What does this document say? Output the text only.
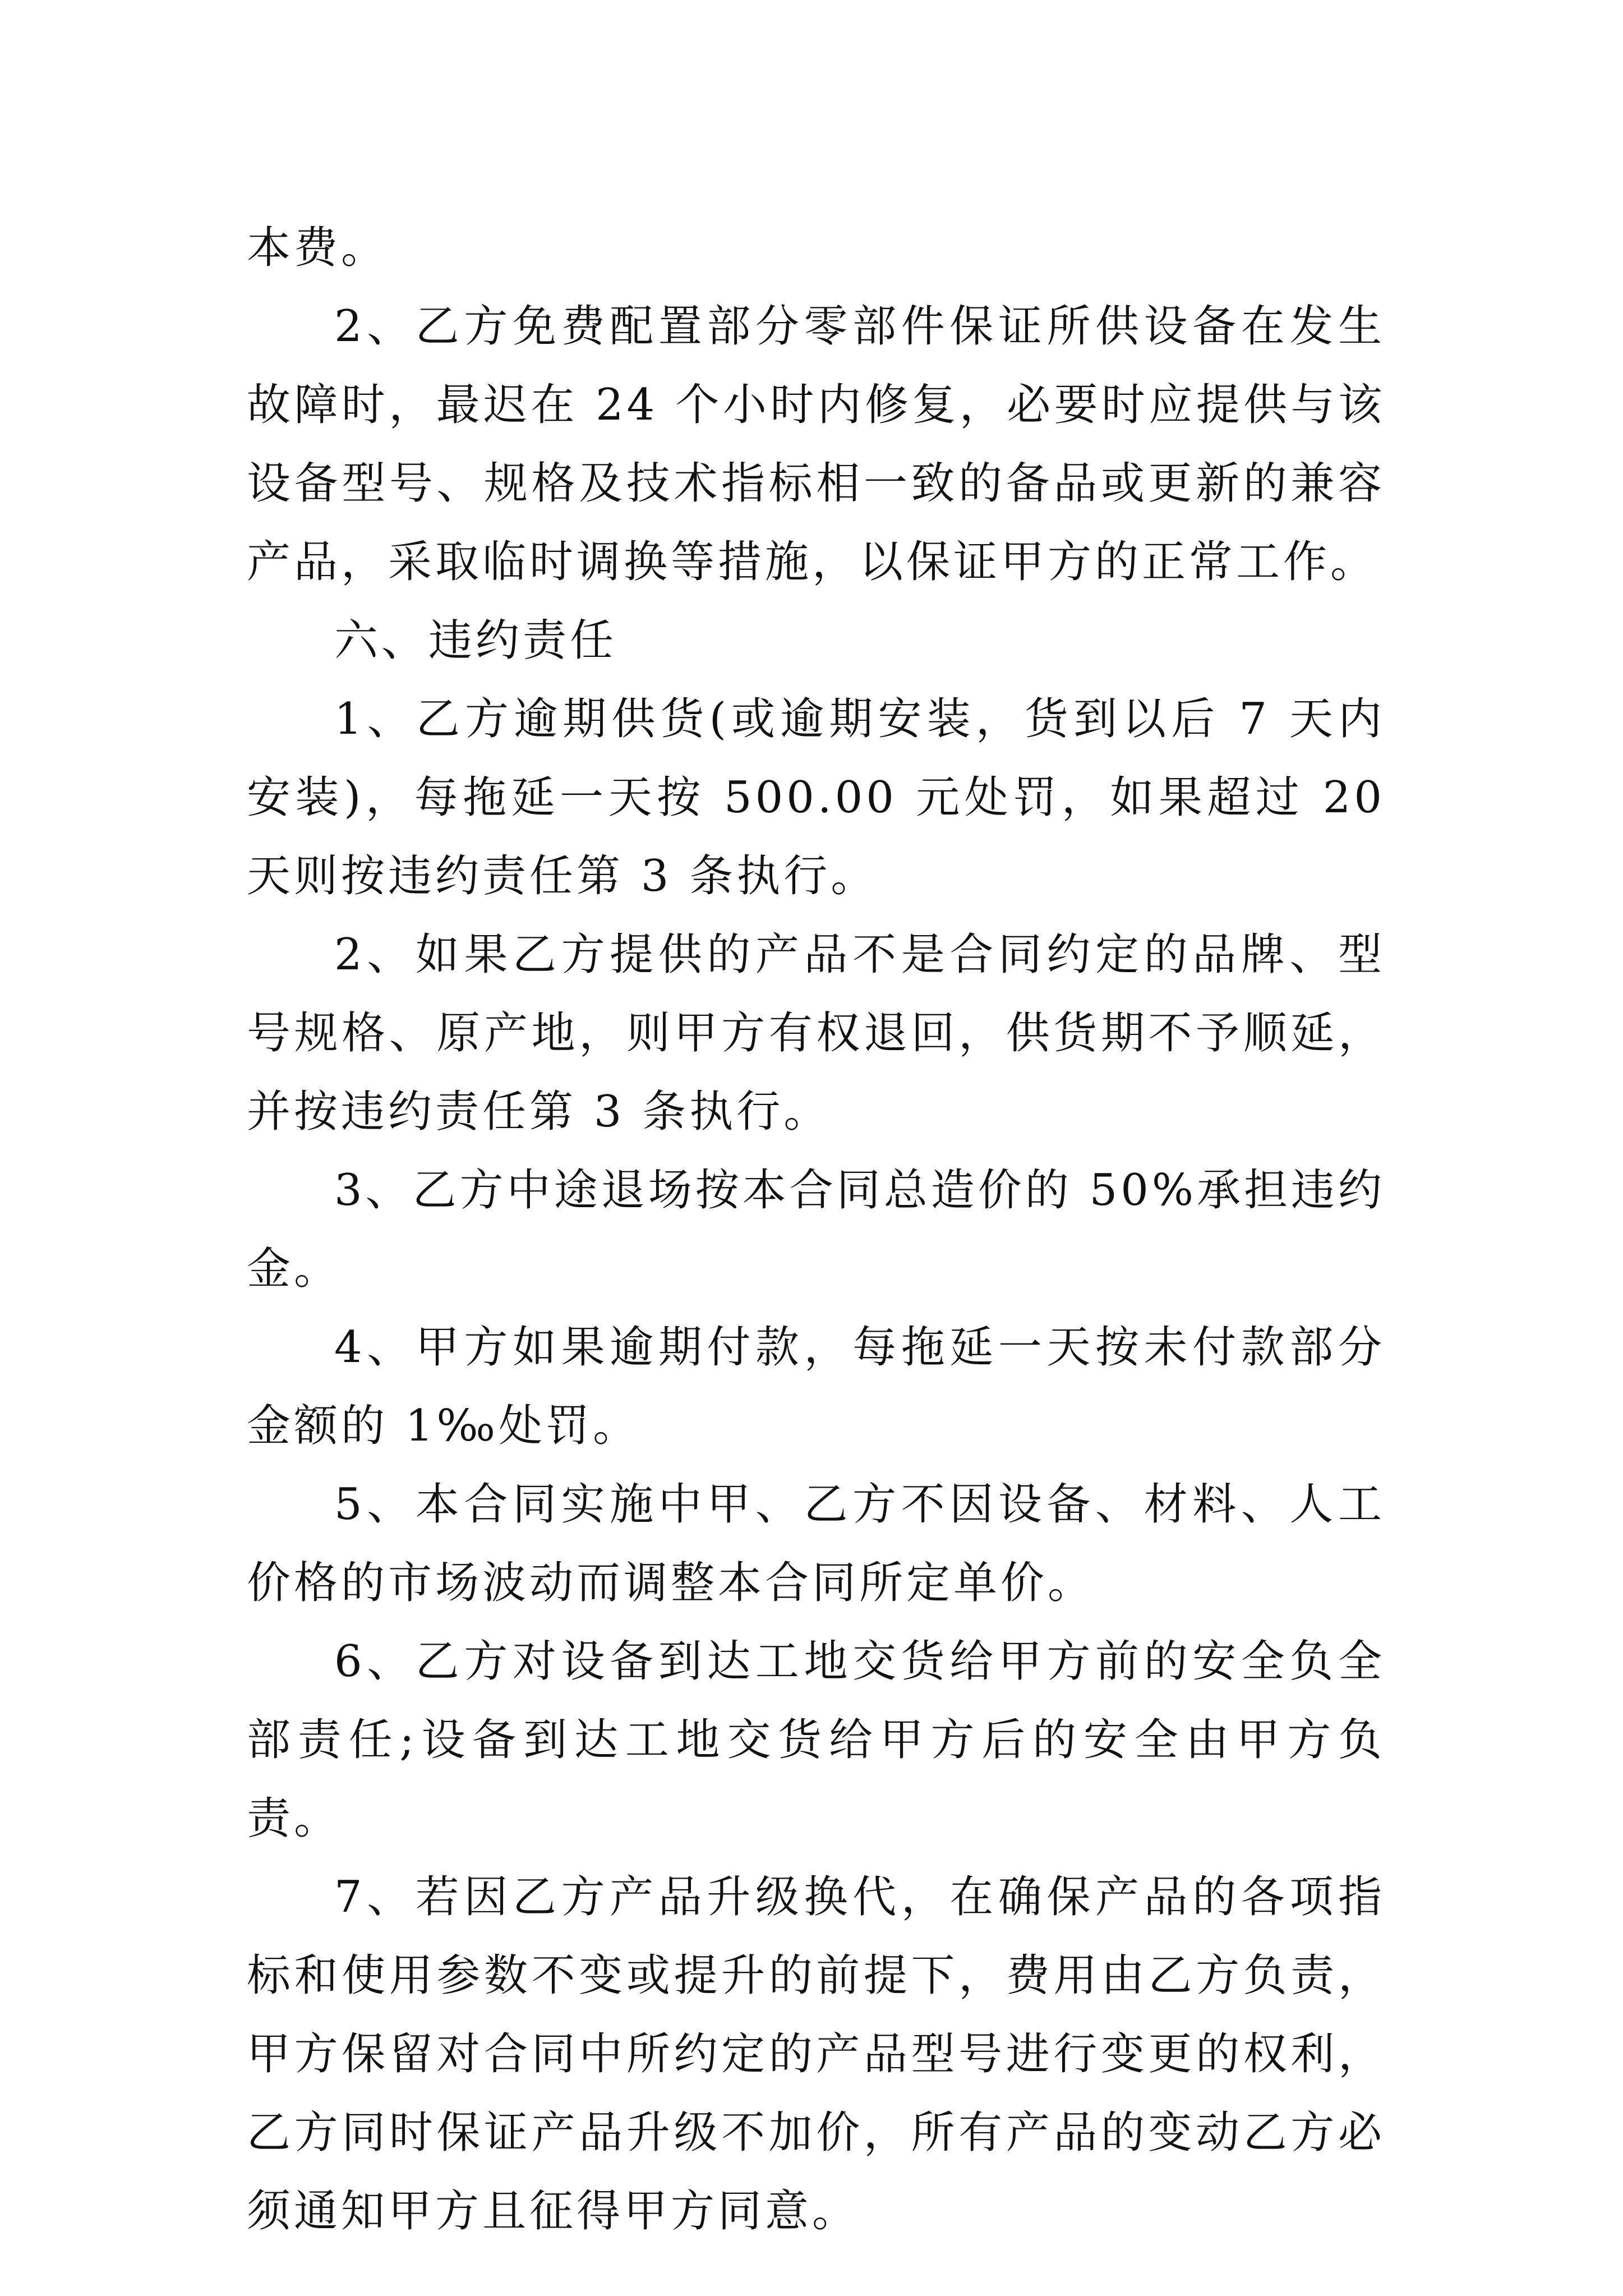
本费。

2、乙方免费配置部分零部件保证所供设备在发生故障时，最迟在 24 个小时内修复，必要时应提供与该设备型号、规格及技术指标相一致的备品或更新的兼容产品，采取临时调换等措施，以保证甲方的正常工作。

六、违约责任

1、乙方逾期供货(或逾期安装，货到以后 7 天内安装)，每拖延一天按 500.00 元处罚，如果超过 20 天则按违约责任第 3 条执行。

2、如果乙方提供的产品不是合同约定的品牌、型号规格、原产地，则甲方有权退回，供货期不予顺延，并按违约责任第 3 条执行。

3、乙方中途退场按本合同总造价的 50%承担违约金。

4、甲方如果逾期付款，每拖延一天按未付款部分金额的 1‰处罚。

5、本合同实施中甲、乙方不因设备、材料、人工价格的市场波动而调整本合同所定单价。

6、乙方对设备到达工地交货给甲方前的安全负全部责任;设备到达工地交货给甲方后的安全由甲方负责。

7、若因乙方产品升级换代，在确保产品的各项指标和使用参数不变或提升的前提下，费用由乙方负责，甲方保留对合同中所约定的产品型号进行变更的权利，乙方同时保证产品升级不加价，所有产品的变动乙方必须通知甲方且征得甲方同意。
